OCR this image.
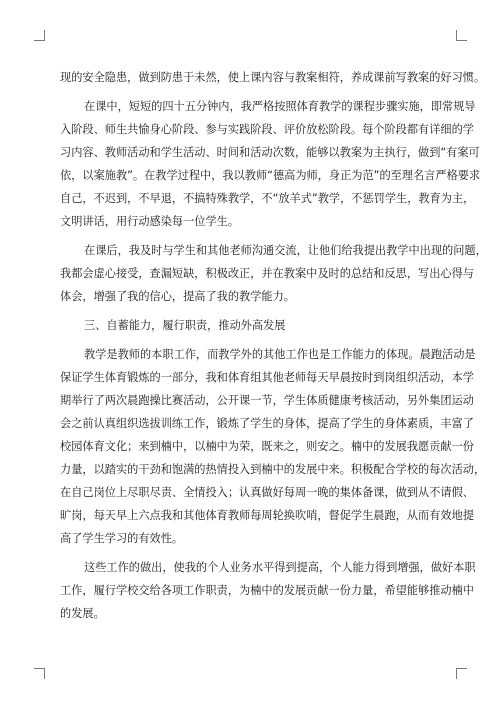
现的安全隐患，做到防患于未然，使上课内容与教案相符，养成课前写教案的好习惯。

在课中，短短的四十五分钟内，我严格按照体育教学的课程步骤实施，即常规导
入阶段、师生共愉身心阶段、参与实践阶段、评价放松阶段。每个阶段都有详细的学
习内容、教师活动和学生活动、时间和活动次数，能够以教案为主执行，做到“有案可
依，以案施教”。在教学过程中，我以教师“德高为师，身正为范”的至理名言严格要求
自己，不迟到，不早退，不搞特殊教学，不“放羊式”教学，不惩罚学生，教育为主，
文明讲话，用行动感染每一位学生。

在课后，我及时与学生和其他老师沟通交流，让他们给我提出教学中出现的问题，
我都会虚心接受，查漏短缺，积极改正，并在教案中及时的总结和反思，写出心得与
体会，增强了我的信心，提高了我的教学能力。

三、自蓄能力，履行职责，推动外高发展

教学是教师的本职工作，而教学外的其他工作也是工作能力的体现。晨跑活动是
保证学生体育锻炼的一部分，我和体育组其他老师每天早晨按时到岗组织活动，本学
期举行了两次晨跑操比赛活动，公开课一节，学生体质健康考核活动，另外集团运动
会之前认真组织选拔训练工作，锻炼了学生的身体，提高了学生的身体素质，丰富了
校园体育文化；来到楠中，以楠中为荣，既来之，则安之。楠中的发展我愿贡献一份
力量，以踏实的干劲和饱满的热情投入到楠中的发展中来。积极配合学校的每次活动，
在自己岗位上尽职尽责、全情投入；认真做好每周一晚的集体备课，做到从不请假、
旷岗，每天早上六点我和其他体育教师每周轮换吹哨，督促学生晨跑，从而有效地提
高了学生学习的有效性。

这些工作的做出，使我的个人业务水平得到提高，个人能力得到增强，做好本职
工作，履行学校交给各项工作职责，为楠中的发展贡献一份力量，希望能够推动楠中
的发展。
